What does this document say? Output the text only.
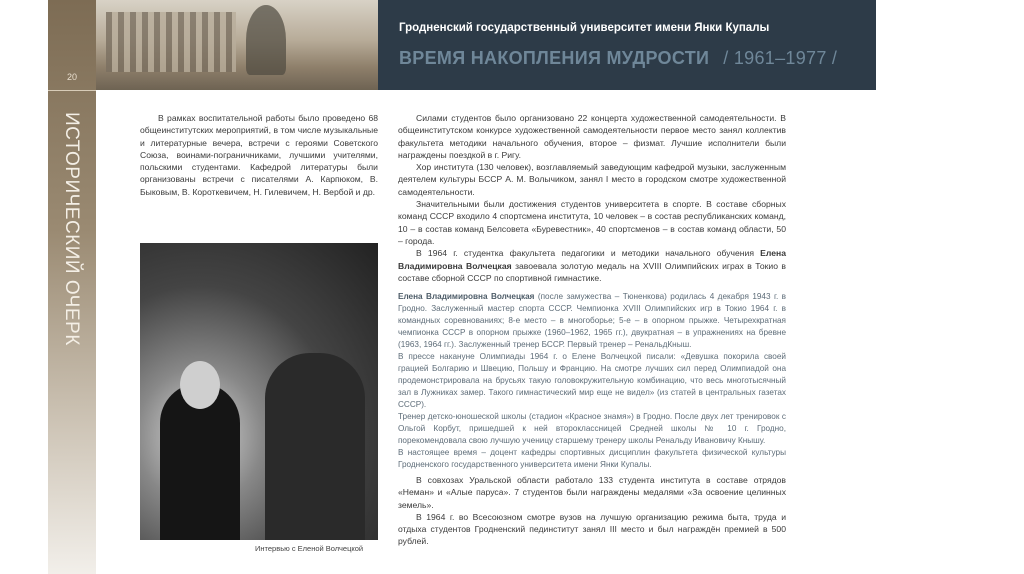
20
ИСТОРИЧЕСКИЙ ОЧЕРК
Гродненский государственный университет имени Янки Купалы
ВРЕМЯ НАКОПЛЕНИЯ МУДРОСТИ / 1961–1977 /

В рамках воспитательной работы было проведено 68 общеинститутских мероприятий, в том числе музыкальные и литературные вечера, встречи с героями Советского Союза, воинами-пограничниками, лучшими учителями, польскими студентами. Кафедрой литературы были организованы встречи с писателями А. Карпюком, В. Быковым, В. Короткевичем, Н. Гилевичем, Н. Вербой и др.

Интервью с Еленой Волчецкой

Силами студентов было организовано 22 концерта художественной самодеятельности. В общеинститутском конкурсе художественной самодеятельности первое место занял коллектив факультета методики начального обучения, второе – физмат. Лучшие исполнители были награждены поездкой в г. Ригу.

Хор института (130 человек), возглавляемый заведующим кафедрой музыки, заслуженным деятелем культуры БССР А. М. Волычиком, занял I место в городском смотре художественной самодеятельности.

Значительными были достижения студентов университета в спорте. В составе сборных команд СССР входило 4 спортсмена института, 10 человек – в состав республиканских команд, 10 – в состав команд Белсовета «Буревестник», 40 спортсменов – в состав команд области, 50 – города.

В 1964 г. студентка факультета педагогики и методики начального обучения Елена Владимировна Волчецкая завоевала золотую медаль на XVIII Олимпийских играх в Токио в составе сборной СССР по спортивной гимнастике.

Елена Владимировна Волчецкая (после замужества – Тюненкова) родилась 4 декабря 1943 г. в Гродно. Заслуженный мастер спорта СССР. Чемпионка XVIII Олимпийских игр в Токио 1964 г. в командных соревнованиях; 8-е место – в многоборье; 5-е – в опорном прыжке. Четырехкратная чемпионка СССР в опорном прыжке (1960–1962, 1965 гг.), двукратная – в упражнениях на бревне (1963, 1964 гг.). Заслуженный тренер БССР. Первый тренер – РенальдКныш.

В прессе накануне Олимпиады 1964 г. о Елене Волчецкой писали: «Девушка покорила своей грацией Болгарию и Швецию, Польшу и Францию. На смотре лучших сил перед Олимпиадой она продемонстрировала на брусьях такую головокружительную комбинацию, что весь многотысячный зал в Лужниках замер. Такого гимнастический мир еще не видел» (из статей в центральных газетах СССР).

Тренер детско-юношеской школы (стадион «Красное знамя») в Гродно. После двух лет тренировок с Ольгой Корбут, пришедшей к ней второклассницей Средней школы № 10 г. Гродно, порекомендовала свою лучшую ученицу старшему тренеру школы Ренальду Ивановичу Кнышу.

В настоящее время – доцент кафедры спортивных дисциплин факультета физической культуры Гродненского государственного университета имени Янки Купалы.

В совхозах Уральской области работало 133 студента института в составе отрядов «Неман» и «Алые паруса». 7 студентов были награждены медалями «За освоение целинных земель».

В 1964 г. во Всесоюзном смотре вузов на лучшую организацию режима быта, труда и отдыха студентов Гродненский пединститут занял III место и был награждён премией в 500 рублей.
